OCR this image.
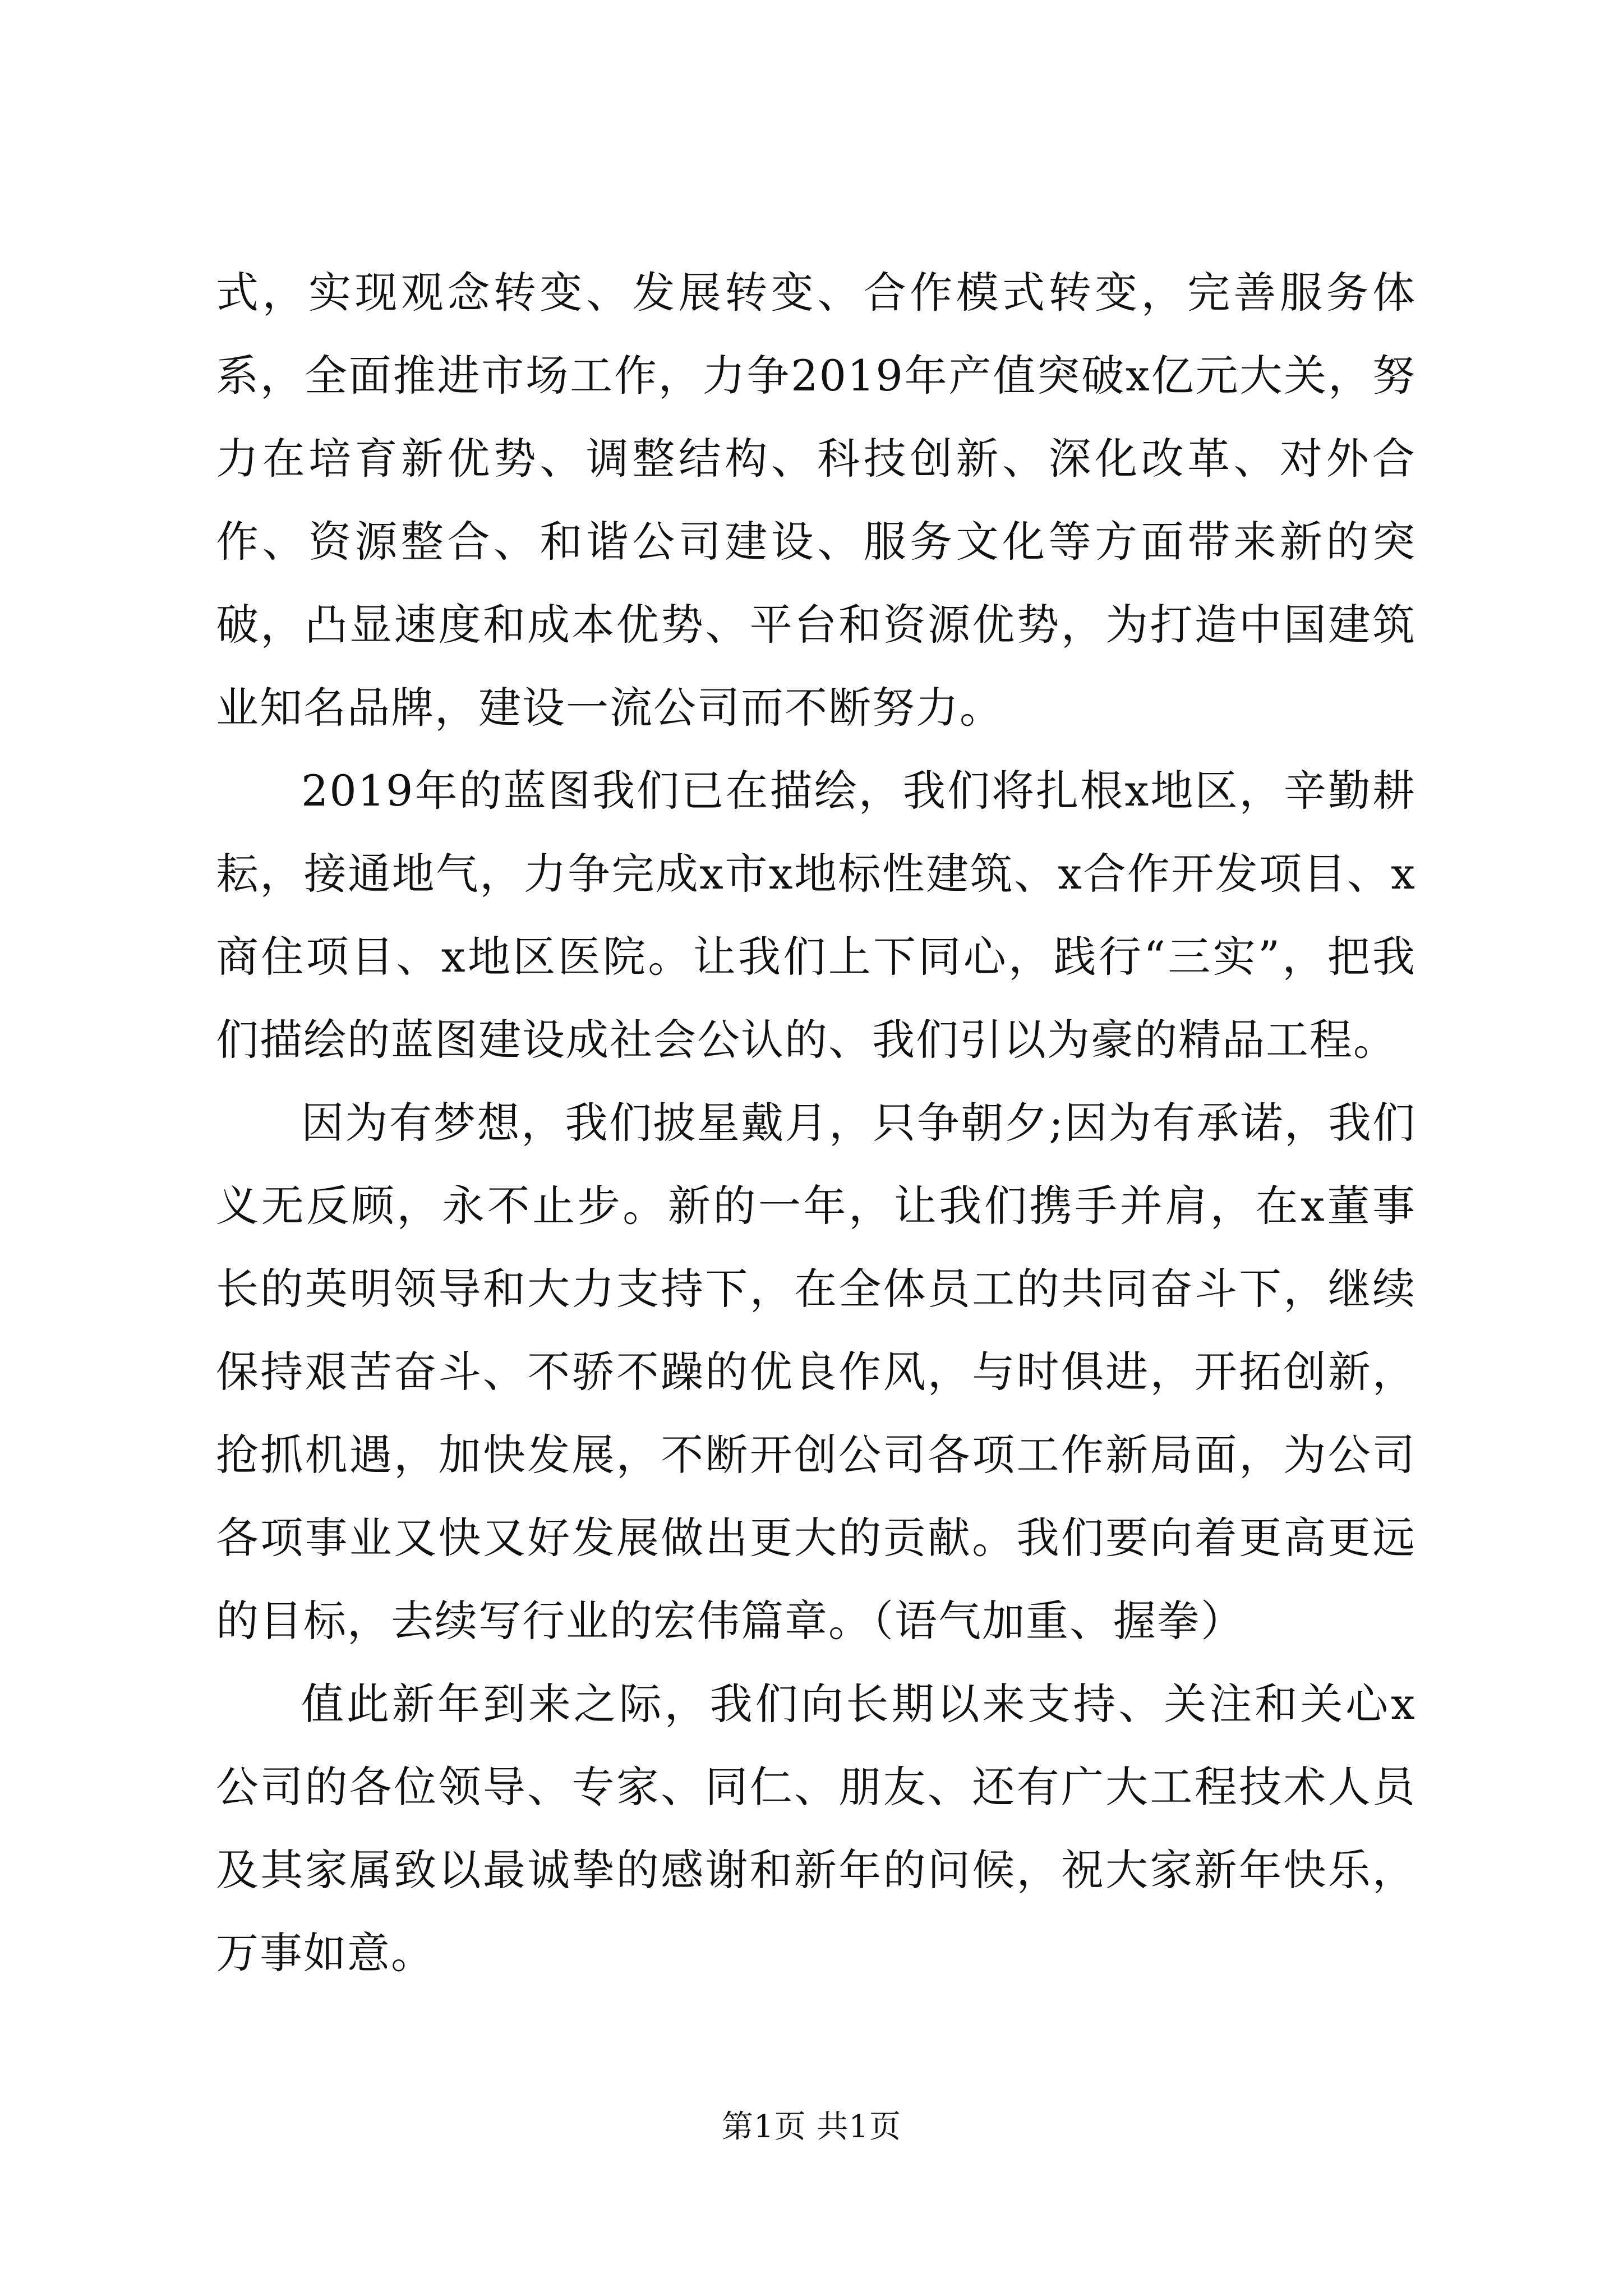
式，实现观念转变、发展转变、合作模式转变，完善服务体系，全面推进市场工作，力争2019年产值突破x亿元大关，努力在培育新优势、调整结构、科技创新、深化改革、对外合作、资源整合、和谐公司建设、服务文化等方面带来新的突破，凸显速度和成本优势、平台和资源优势，为打造中国建筑业知名品牌，建设一流公司而不断努力。

2019年的蓝图我们已在描绘，我们将扎根x地区，辛勤耕耘，接通地气，力争完成x市x地标性建筑、x合作开发项目、x商住项目、x地区医院。让我们上下同心，践行“三实”，把我们描绘的蓝图建设成社会公认的、我们引以为豪的精品工程。

因为有梦想，我们披星戴月，只争朝夕;因为有承诺，我们义无反顾，永不止步。新的一年，让我们携手并肩，在x董事长的英明领导和大力支持下，在全体员工的共同奋斗下，继续保持艰苦奋斗、不骄不躁的优良作风，与时俱进，开拓创新，抢抓机遇，加快发展，不断开创公司各项工作新局面，为公司各项事业又快又好发展做出更大的贡献。我们要向着更高更远的目标，去续写行业的宏伟篇章。（语气加重、握拳）

值此新年到来之际，我们向长期以来支持、关注和关心x公司的各位领导、专家、同仁、朋友、还有广大工程技术人员及其家属致以最诚挚的感谢和新年的问候，祝大家新年快乐，万事如意。

第1页 共1页
